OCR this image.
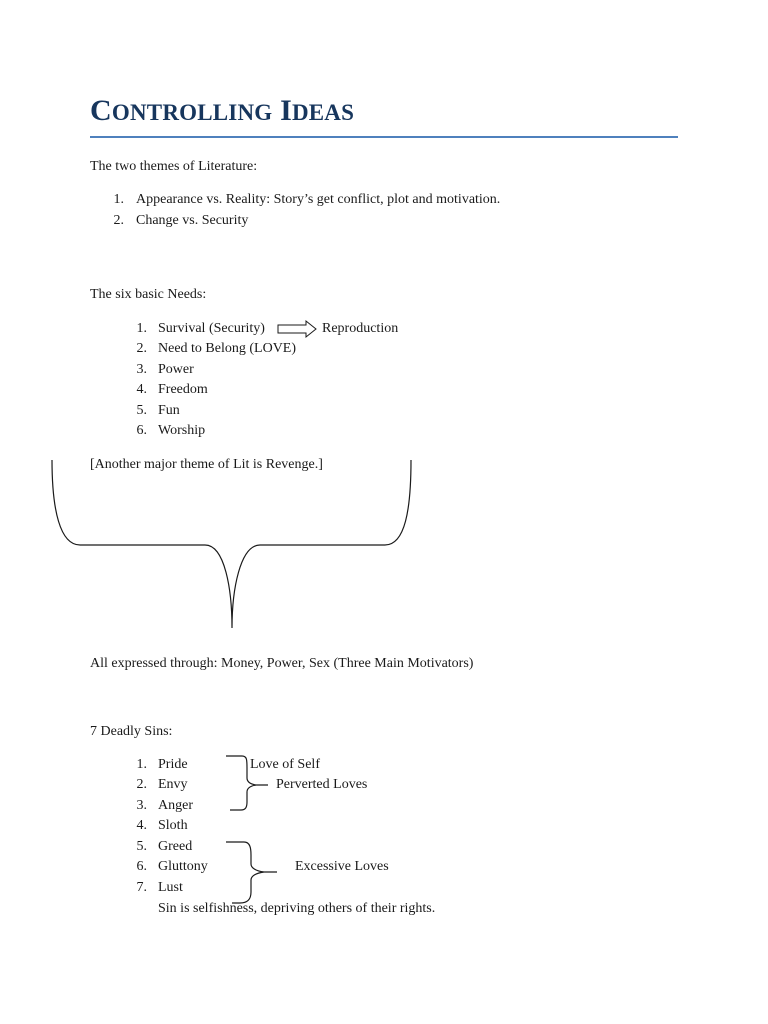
CONTROLLING IDEAS
The two themes of Literature:
1. Appearance vs. Reality: Story’s get conflict, plot and motivation.
2. Change vs. Security
The six basic Needs:
1. Survival (Security)	Reproduction
2. Need to Belong (LOVE)
3. Power
4. Freedom
5. Fun
6. Worship
[Another major theme of Lit is Revenge.]
All expressed through: Money, Power, Sex (Three Main Motivators)
7 Deadly Sins:
1. Pride
2. Envy
3. Anger
4. Sloth
5. Greed
6. Gluttony
7. Lust
Love of Self
Perverted Loves
Excessive Loves
Sin is selfishness, depriving others of their rights.
